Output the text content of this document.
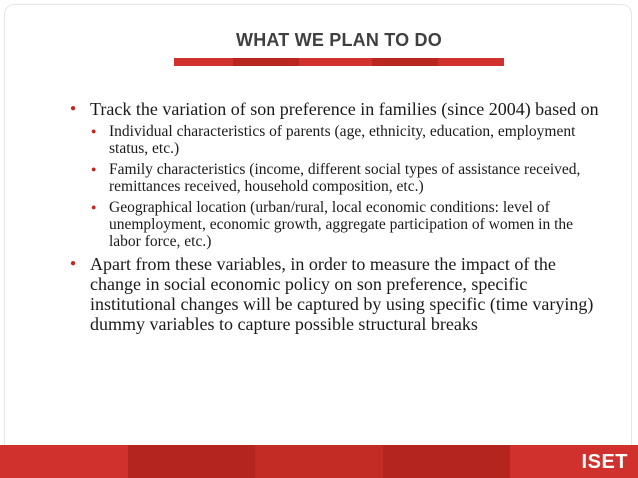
WHAT WE PLAN TO DO
● Track the variation of son preference in families (since 2004) based on
● Individual characteristics of parents (age, ethnicity, education, employment status, etc.)
● Family characteristics (income, different social types of assistance received, remittances received, household composition, etc.)
● Geographical location (urban/rural, local economic conditions: level of unemployment, economic growth, aggregate participation of women in the labor force, etc.)
● Apart from these variables, in order to measure the impact of the change in social economic policy on son preference, specific institutional changes will be captured by using specific (time varying) dummy variables to capture possible structural breaks
ISET
